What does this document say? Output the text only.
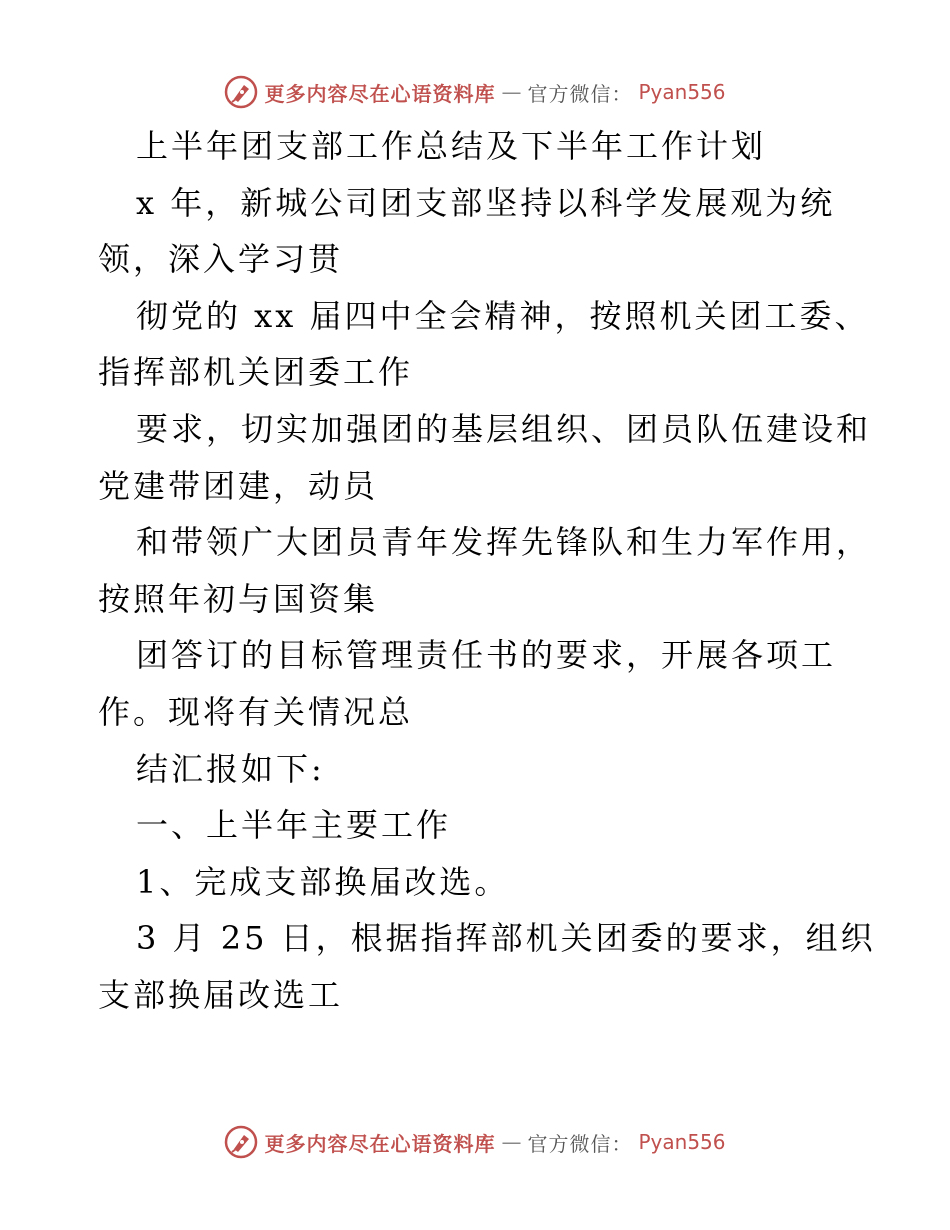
更多内容尽在心语资料库 — 官方微信： Pyan556
上半年团支部工作总结及下半年工作计划
x 年，新城公司团支部坚持以科学发展观为统
领，深入学习贯
彻党的 xx 届四中全会精神，按照机关团工委、
指挥部机关团委工作
要求，切实加强团的基层组织、团员队伍建设和
党建带团建，动员
和带领广大团员青年发挥先锋队和生力军作用，
按照年初与国资集
团答订的目标管理责任书的要求，开展各项工
作。现将有关情况总
结汇报如下:
一、上半年主要工作
1、完成支部换届改选。
3 月 25 日，根据指挥部机关团委的要求，组织
支部换届改选工
更多内容尽在心语资料库 — 官方微信： Pyan556
